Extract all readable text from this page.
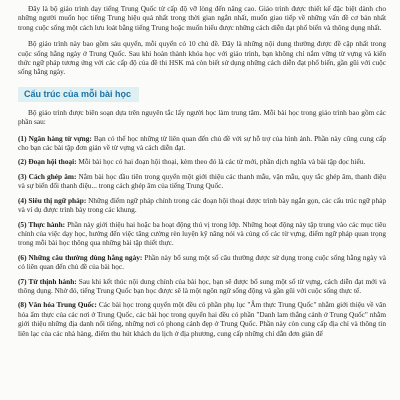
Đây là bộ giáo trình dạy tiếng Trung Quốc từ cấp độ vỡ lòng đến nâng cao. Giáo trình được thiết kế đặc biệt dành cho những người muốn học tiếng Trung hiệu quả nhất trong thời gian ngắn nhất, muốn giao tiếp về những vấn đề cơ bản nhất trong cuộc sống một cách lưu loát bằng tiếng Trung hoặc muốn hiểu được những cách diễn đạt phổ biến và thông dụng nhất.

Bộ giáo trình này bao gồm sáu quyển, mỗi quyển có 10 chủ đề. Đây là những nội dung thường được đề cập nhất trong cuộc sống hằng ngày ở Trung Quốc. Sau khi hoàn thành khóa học với giáo trình, bạn không chỉ nắm vững từ vựng và kiến thức ngữ pháp tương ứng với các cấp độ của đề thi HSK mà còn biết sử dụng những cách diễn đạt phổ biến, gần gũi với cuộc sống hằng ngày.

Cấu trúc của mỗi bài học

Bộ giáo trình được biên soạn dựa trên nguyên tắc lấy người học làm trung tâm. Mỗi bài học trong giáo trình bao gồm các phần sau:

(1) Ngân hàng từ vựng: Bạn có thể học những từ liên quan đến chủ đề với sự hỗ trợ của hình ảnh. Phần này cũng cung cấp cho bạn các bài tập đơn giản về từ vựng và cách diễn đạt.
(2) Đoạn hội thoại: Mỗi bài học có hai đoạn hội thoại, kèm theo đó là các từ mới, phần dịch nghĩa và bài tập đọc hiểu.
(3) Cách ghép âm: Nắm bài học đầu tiên trong quyển một giới thiệu các thanh mẫu, vận mẫu, quy tắc ghép âm, thanh điệu và sự biến đổi thanh điệu... trong cách ghép âm của tiếng Trung Quốc.
(4) Siêu thị ngữ pháp: Những điểm ngữ pháp chính trong các đoạn hội thoại được trình bày ngắn gọn, các cấu trúc ngữ pháp và ví dụ được trình bày trong các khung.
(5) Thực hành: Phần này giới thiệu hai hoặc ba hoạt động thú vị trong lớp. Những hoạt động này tập trung vào các mục tiêu chính của việc dạy học, hướng đến việc tăng cường rèn luyện kỹ năng nói và củng cố các từ vựng, điểm ngữ pháp quan trọng trong mỗi bài học thông qua những bài tập thiết thực.
(6) Những câu thường dùng hằng ngày: Phần này bổ sung một số câu thường được sử dụng trong cuộc sống hằng ngày và có liên quan đến chủ đề của bài học.
(7) Từ thịnh hành: Sau khi kết thúc nội dung chính của bài học, bạn sẽ được bổ sung một số từ vựng, cách diễn đạt mới và thông dụng. Nhờ đó, tiếng Trung Quốc bạn học được sẽ là một ngôn ngữ sống động và gần gũi với cuộc sống thực tế.
(8) Văn hóa Trung Quốc: Các bài học trong quyển một đều có phần phụ lục "Âm thực Trung Quốc" nhằm giới thiệu về văn hóa ẩm thực của các nơi ở Trung Quốc, các bài học trong quyển hai đều có phần "Danh lam thắng cảnh ở Trung Quốc" nhằm giới thiệu những địa danh nổi tiếng, những nơi có phong cảnh đẹp ở Trung Quốc. Phần này còn cung cấp địa chỉ và thông tin liên lạc của các nhà hàng, điểm thu hút khách du lịch ở địa phương, cung cấp những chỉ dẫn đơn giản để
